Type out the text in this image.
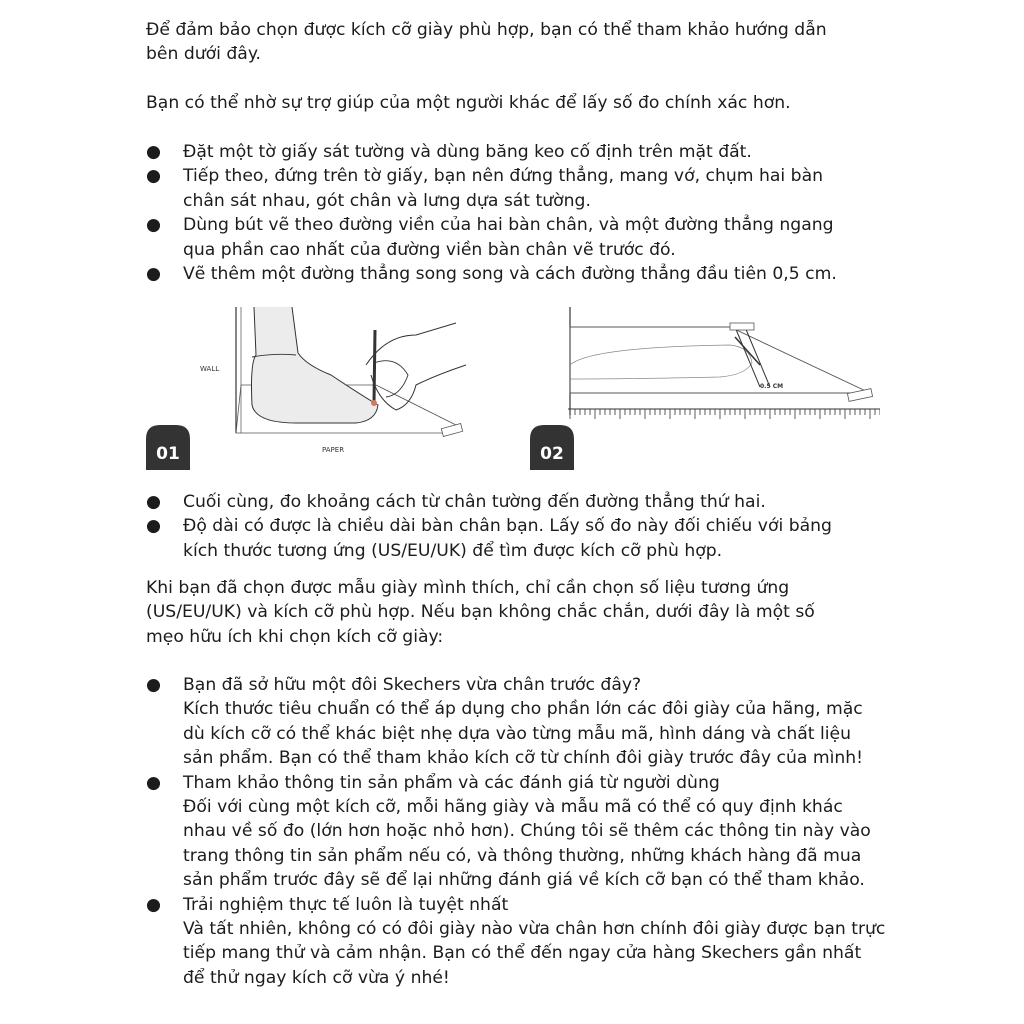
Để đảm bảo chọn được kích cỡ giày phù hợp, bạn có thể tham khảo hướng dẫn
bên dưới đây.

Bạn có thể nhờ sự trợ giúp của một người khác để lấy số đo chính xác hơn.

● Đặt một tờ giấy sát tường và dùng băng keo cố định trên mặt đất.
● Tiếp theo, đứng trên tờ giấy, bạn nên đứng thẳng, mang vớ, chụm hai bàn chân sát nhau, gót chân và lưng dựa sát tường.
● Dùng bút vẽ theo đường viền của hai bàn chân, và một đường thẳng ngang qua phần cao nhất của đường viền bàn chân vẽ trước đó.
● Vẽ thêm một đường thẳng song song và cách đường thẳng đầu tiên 0,5 cm.
WALL
PAPER
01
0.5 CM
02
● Cuối cùng, đo khoảng cách từ chân tường đến đường thẳng thứ hai.
● Độ dài có được là chiều dài bàn chân bạn. Lấy số đo này đối chiếu với bảng kích thước tương ứng (US/EU/UK) để tìm được kích cỡ phù hợp.

Khi bạn đã chọn được mẫu giày mình thích, chỉ cần chọn số liệu tương ứng
(US/EU/UK) và kích cỡ phù hợp. Nếu bạn không chắc chắn, dưới đây là một số
mẹo hữu ích khi chọn kích cỡ giày:

● Bạn đã sở hữu một đôi Skechers vừa chân trước đây?
Kích thước tiêu chuẩn có thể áp dụng cho phần lớn các đôi giày của hãng, mặc dù kích cỡ có thể khác biệt nhẹ dựa vào từng mẫu mã, hình dáng và chất liệu sản phẩm. Bạn có thể tham khảo kích cỡ từ chính đôi giày trước đây của mình!
● Tham khảo thông tin sản phẩm và các đánh giá từ người dùng
Đối với cùng một kích cỡ, mỗi hãng giày và mẫu mã có thể có quy định khác nhau về số đo (lớn hơn hoặc nhỏ hơn). Chúng tôi sẽ thêm các thông tin này vào trang thông tin sản phẩm nếu có, và thông thường, những khách hàng đã mua sản phẩm trước đây sẽ để lại những đánh giá về kích cỡ bạn có thể tham khảo.
● Trải nghiệm thực tế luôn là tuyệt nhất
Và tất nhiên, không có có đôi giày nào vừa chân hơn chính đôi giày được bạn trực tiếp mang thử và cảm nhận. Bạn có thể đến ngay cửa hàng Skechers gần nhất để thử ngay kích cỡ vừa ý nhé!
